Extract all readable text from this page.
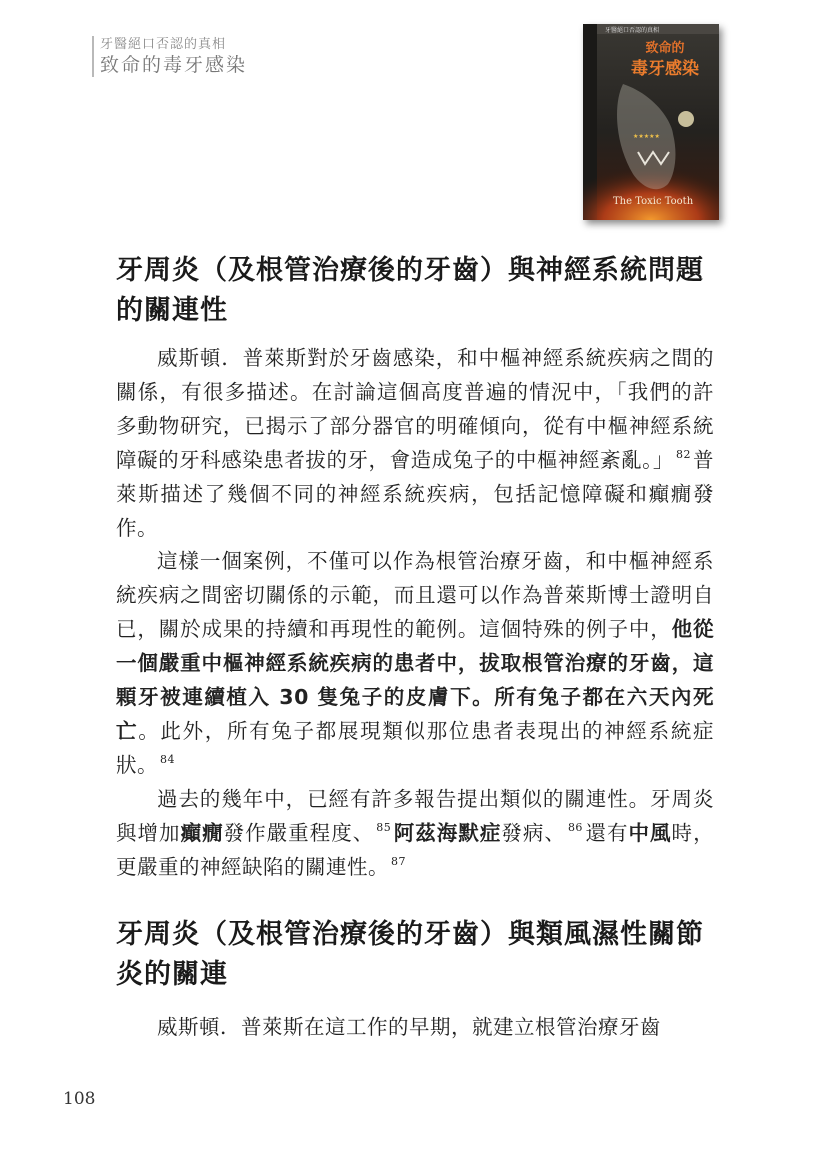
牙醫絕口否認的真相
致命的毒牙感染
牙醫絕口否認的真相
致命的
毒牙感染
★★★★★
The Toxic Tooth
牙周炎（及根管治療後的牙齒）與神經系統問題的關連性

威斯頓．普萊斯對於牙齒感染，和中樞神經系統疾病之間的關係，有很多描述。在討論這個高度普遍的情況中，「我們的許多動物研究，已揭示了部分器官的明確傾向，從有中樞神經系統障礙的牙科感染患者拔的牙，會造成兔子的中樞神經紊亂。」 $^{82}$普萊斯描述了幾個不同的神經系統疾病，包括記憶障礙和癲癇發作。

這樣一個案例，不僅可以作為根管治療牙齒，和中樞神經系統疾病之間密切關係的示範，而且還可以作為普萊斯博士證明自已，關於成果的持續和再現性的範例。這個特殊的例子中，他從一個嚴重中樞神經系統疾病的患者中，拔取根管治療的牙齒，這顆牙被連續植入 30 隻兔子的皮膚下。所有兔子都在六天內死亡。此外，所有兔子都展現類似那位患者表現出的神經系統症狀。 $^{84}$

過去的幾年中，已經有許多報告提出類似的關連性。牙周炎與增加癲癇發作嚴重程度、 $^{85}$阿茲海默症發病、 $^{86}$還有中風時，更嚴重的神經缺陷的關連性。 $^{87}$

牙周炎（及根管治療後的牙齒）與類風濕性關節炎的關連

威斯頓．普萊斯在這工作的早期，就建立根管治療牙齒

108
